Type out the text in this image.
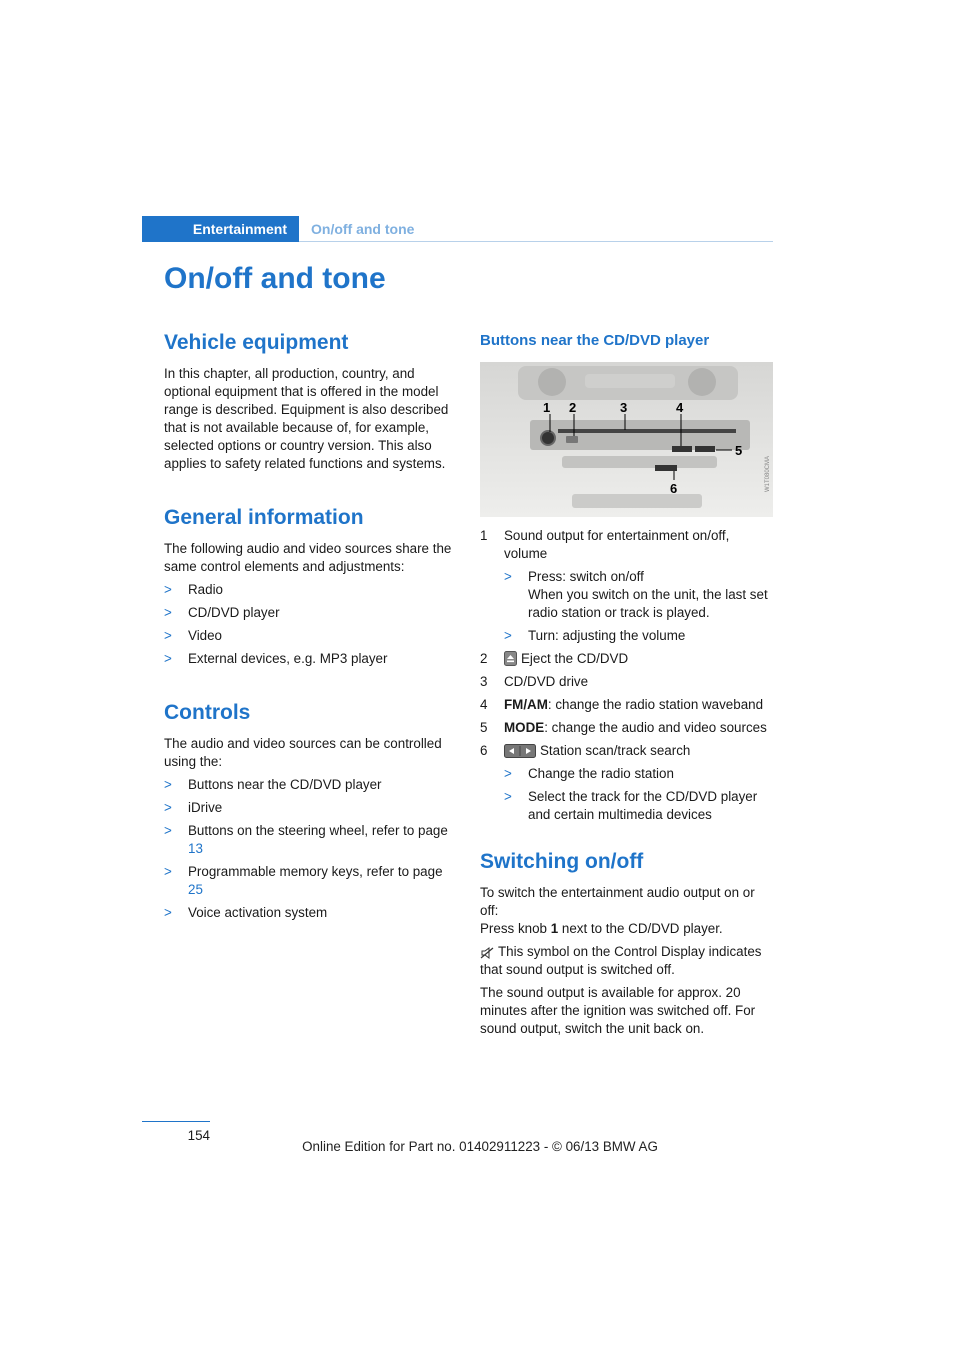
Entertainment	On/off and tone
On/off and tone
Vehicle equipment

In this chapter, all production, country, and optional equipment that is offered in the model range is described. Equipment is also described that is not available because of, for example, selected options or country version. This also applies to safety related functions and systems.

General information

The following audio and video sources share the same control elements and adjustments:

> Radio
> CD/DVD player
> Video
> External devices, e.g. MP3 player
Controls

The audio and video sources can be controlled using the:

> Buttons near the CD/DVD player
> iDrive
> Buttons on the steering wheel, refer to page 13
> Programmable memory keys, refer to page 25
> Voice activation system
Buttons near the CD/DVD player
1 2	3	4
5
6	W1T080CMA
1 Sound output for entertainment on/off, volume
> Press: switch on/off
When you switch on the unit, the last set radio station or track is played.
> Turn: adjusting the volume
2	Eject the CD/DVD
3 CD/DVD drive
4 FM/AM: change the radio station waveband
5 MODE: change the audio and video sources
6	Station scan/track search
> Change the radio station
> Select the track for the CD/DVD player and certain multimedia devices
Switching on/off

To switch the entertainment audio output on or off:
Press knob 1 next to the CD/DVD player.

This symbol on the Control Display indicates that sound output is switched off.

The sound output is available for approx. 20 minutes after the ignition was switched off. For sound output, switch the unit back on.

154
Online Edition for Part no. 01402911223 - © 06/13 BMW AG
